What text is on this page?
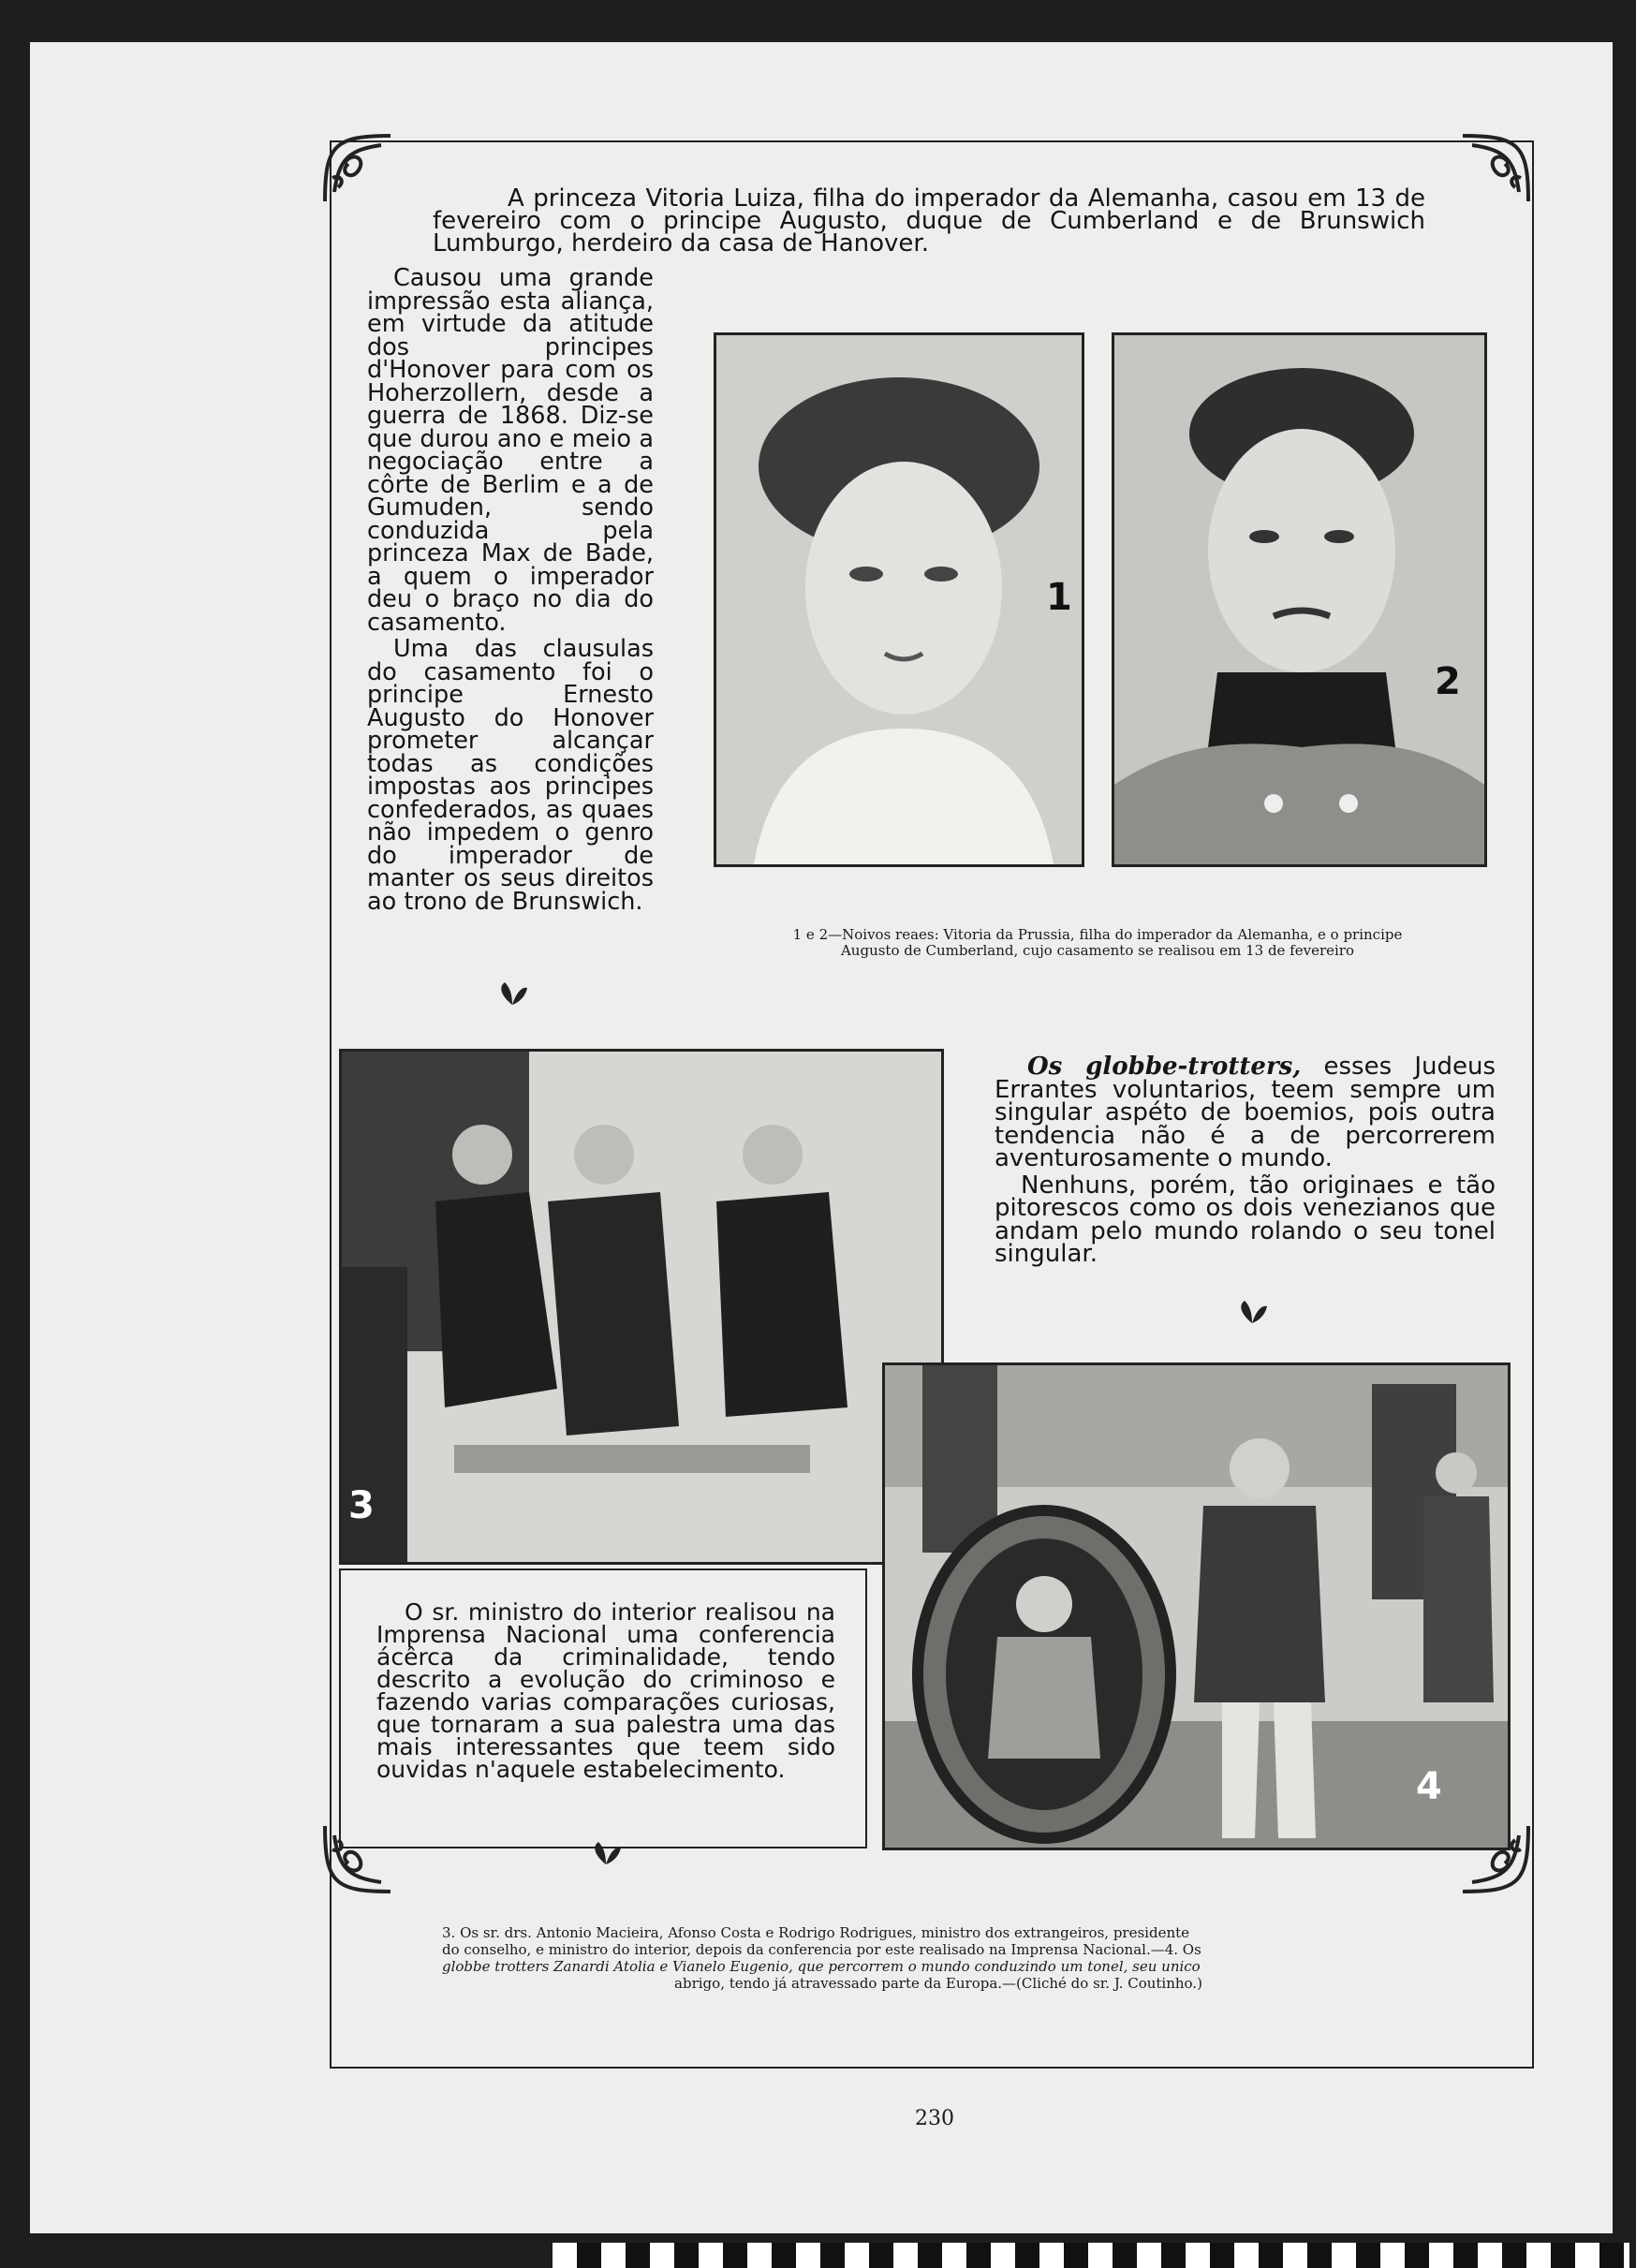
A princeza Vitoria Luiza, filha do imperador da Alemanha, casou em 13 de fevereiro com o principe Augusto, duque de Cumberland e de Brunswich Lumburgo, herdeiro da casa de Hanover.

Causou uma grande impressão esta aliança, em virtude da atitude dos principes d'Honover para com os Hoherzollern, desde a guerra de 1868. Diz-se que durou ano e meio a negociação entre a côrte de Berlim e a de Gumuden, sendo conduzida pela princeza Max de Bade, a quem o imperador deu o braço no dia do casamento.

Uma das clausulas do casamento foi o principe Ernesto Augusto do Honover prometer alcançar todas as condições impostas aos principes confederados, as quaes não impedem o genro do imperador de manter os seus direitos ao trono de Brunswich.

1
2
1 e 2—Noivos reaes: Vitoria da Prussia, filha do imperador da Alemanha, e o principe
Augusto de Cumberland, cujo casamento se realisou em 13 de fevereiro
3

Os globbe-trotters, esses Judeus Errantes voluntarios, teem sempre um singular aspéto de boemios, pois outra tendencia não é a de percorrerem aventurosamente o mundo.

Nenhuns, porém, tão originaes e tão pitorescos como os dois venezianos que andam pelo mundo rolando o seu tonel singular.

4

O sr. ministro do interior realisou na Imprensa Nacional uma conferencia ácêrca da criminalidade, tendo descrito a evolução do criminoso e fazendo varias comparações curiosas, que tornaram a sua palestra uma das mais interessantes que teem sido ouvidas n'aquele estabelecimento.

3. Os sr. drs. Antonio Macieira, Afonso Costa e Rodrigo Rodrigues, ministro dos extrangeiros, presidente
do conselho, e ministro do interior, depois da conferencia por este realisado na Imprensa Nacional.—4. Os
globbe trotters Zanardi Atolia e Vianelo Eugenio, que percorrem o mundo conduzindo um tonel, seu unico
abrigo, tendo já atravessado parte da Europa.—(Cliché do sr. J. Coutinho.)
230
